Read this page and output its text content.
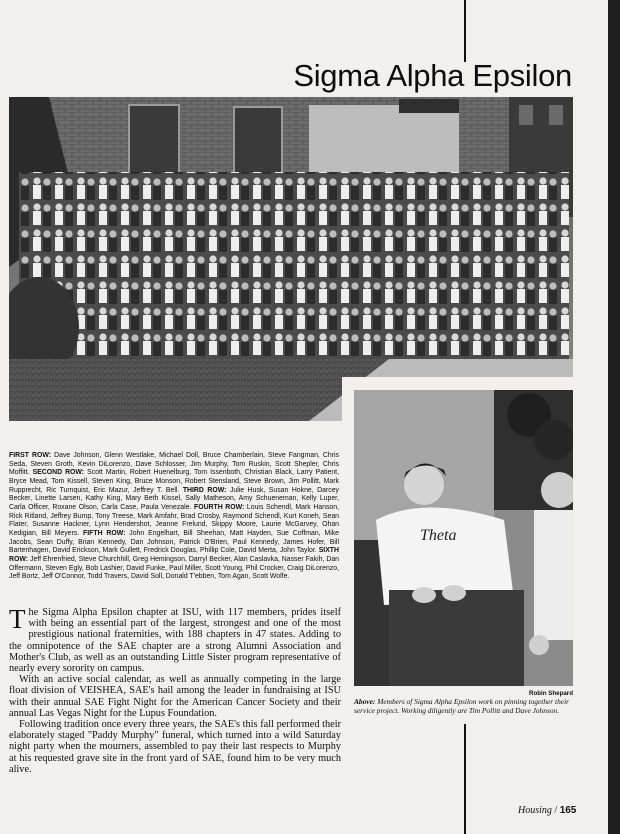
Sigma Alpha Epsilon

FIRST ROW: Dave Johnson, Glenn Westlake, Michael Doll, Bruce Chamberlain, Steve Fangman, Chris Seda, Steven Groth, Kevin DiLorenzo, Dave Schlosser, Jim Murphy, Tom Ruskin, Scott Shepler, Chris Moffitt. SECOND ROW: Scott Martin, Robert Huenelburg, Tom Issenboth, Christian Black, Larry Patient, Bryce Mead, Tom Kissell, Steven King, Bruce Monson, Robert Stensland, Steve Brown, Jim Pollitt, Mark Rupprecht, Ric Turnquist, Eric Mazur, Jeffrey T. Bell. THIRD ROW: Julie Husk, Susan Hokne, Darcey Becker, Linette Larsen, Kathy King, Mary Beth Kissel, Sally Matheson, Amy Schueneman, Kelly Luper, Carla Officer, Roxane Olson, Carla Case, Paula Venezale. FOURTH ROW: Louis Schendl, Mark Hanson, Rick Ritland, Jeffrey Bump, Tony Treese, Mark Amfahr, Brad Crosby, Raymond Schendl, Kurt Koneh, Sean Flater, Susanne Hackner, Lynn Hendershot, Jeanne Frelund, Skippy Moore, Laurie McGarvey, Ohan Kedigian, Bill Meyers. FIFTH ROW: John Engelhart, Bill Sheehan, Matt Hayden, Sue Coffman, Mike Jacobs, Sean Duffy, Brian Kennedy, Dan Johnson, Patrick O'Brien, Paul Kennedy, James Hofer, Bill Bartenhagen, David Erickson, Mark Gullett, Fredrick Douglas, Phillip Cole, David Merta, John Taylor. SIXTH ROW: Jeff Ehrenfried, Steve Churchhill, Greg Hemingson, Darryl Becker, Alan Caslavka, Nasser Fakih, Dan Offermann, Steven Egly, Bob Lashier, David Funke, Paul Miller, Scott Young, Phil Crocker, Craig DiLorenzo, Jeff Bortz, Jeff O'Connor, Todd Travers, David Soll, Donald T'ebben, Tom Agan, Scott Wolfe.

The Sigma Alpha Epsilon chapter at ISU, with 117 members, prides itself with being an essential part of the largest, strongest and one of the most prestigious national fraternities, with 188 chapters in 47 states. Adding to the omnipotence of the SAE chapter are a strong Alumni Association and Mother's Club, as well as an outstanding Little Sister program representative of nearly every sorority on campus.

With an active social calendar, as well as annually competing in the large float division of VEISHEA, SAE's hail among the leader in fundraising at ISU with their annual SAE Fight Night for the American Cancer Society and their annual Las Vegas Night for the Lupus Foundation.

Following tradition once every three years, the SAE's this fall performed their elaborately staged "Paddy Murphy" funeral, which turned into a wild Saturday night party when the mourners, assembled to pay their last respects to Murphy at his requested grave site in the front yard of SAE, found him to be very much alive.

Theta

Robin Shepard

Above: Members of Sigma Alpha Epsilon work on pinning together their service project. Working diligently are Tim Pollitt and Dave Johnson.

Housing / 165
